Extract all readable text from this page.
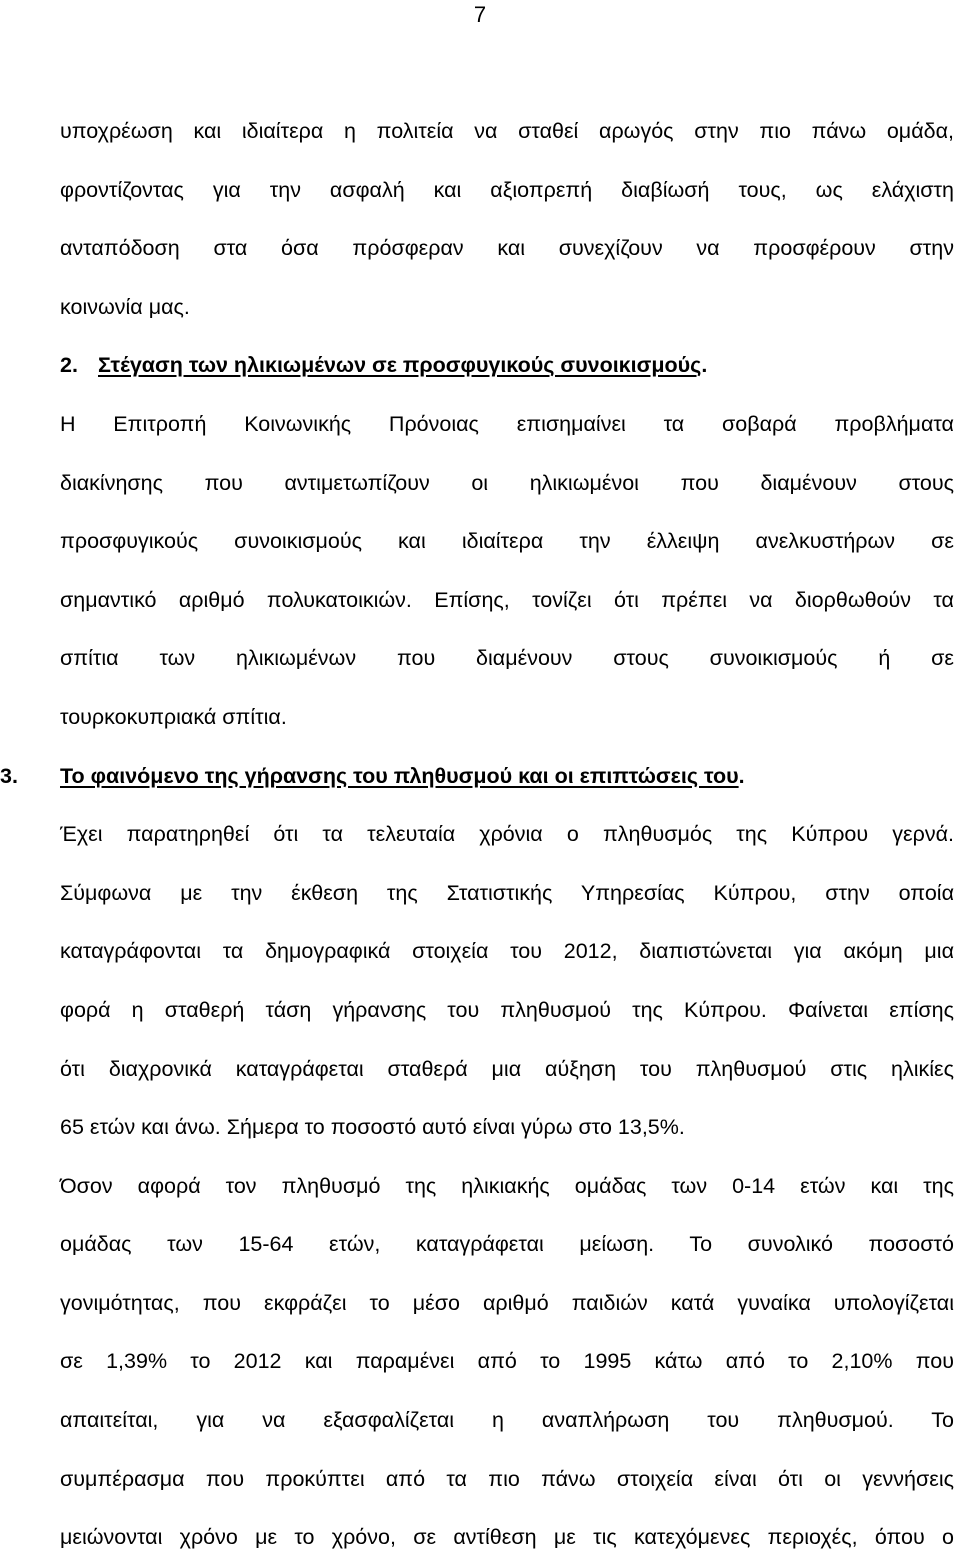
7
υποχρέωση και ιδιαίτερα η πολιτεία να σταθεί αρωγός στην πιο πάνω ομάδα,
φροντίζοντας για την ασφαλή και αξιοπρεπή διαβίωσή τους, ως ελάχιστη
ανταπόδοση στα όσα πρόσφεραν και συνεχίζουν να προσφέρουν στην
κοινωνία μας.
2. Στέγαση των ηλικιωμένων σε προσφυγικούς συνοικισμούς.
Η Επιτροπή Κοινωνικής Πρόνοιας επισημαίνει τα σοβαρά προβλήματα
διακίνησης που αντιμετωπίζουν οι ηλικιωμένοι που διαμένουν στους
προσφυγικούς συνοικισμούς και ιδιαίτερα την έλλειψη ανελκυστήρων σε
σημαντικό αριθμό πολυκατοικιών. Επίσης, τονίζει ότι πρέπει να διορθωθούν τα
σπίτια των ηλικιωμένων που διαμένουν στους συνοικισμούς ή σε
τουρκοκυπριακά σπίτια.
3. Το φαινόμενο της γήρανσης του πληθυσμού και οι επιπτώσεις του.
Έχει παρατηρηθεί ότι τα τελευταία χρόνια ο πληθυσμός της Κύπρου γερνά.
Σύμφωνα με την έκθεση της Στατιστικής Υπηρεσίας Κύπρου, στην οποία
καταγράφονται τα δημογραφικά στοιχεία του 2012, διαπιστώνεται για ακόμη μια
φορά η σταθερή τάση γήρανσης του πληθυσμού της Κύπρου. Φαίνεται επίσης
ότι διαχρονικά καταγράφεται σταθερά μια αύξηση του πληθυσμού στις ηλικίες
65 ετών και άνω. Σήμερα το ποσοστό αυτό είναι γύρω στο 13,5%.
Όσον αφορά τον πληθυσμό της ηλικιακής ομάδας των 0-14 ετών και της
ομάδας των 15-64 ετών, καταγράφεται μείωση. Το συνολικό ποσοστό
γονιμότητας, που εκφράζει το μέσο αριθμό παιδιών κατά γυναίκα υπολογίζεται
σε 1,39% το 2012 και παραμένει από το 1995 κάτω από το 2,10% που
απαιτείται, για να εξασφαλίζεται η αναπλήρωση του πληθυσμού. Το
συμπέρασμα που προκύπτει από τα πιο πάνω στοιχεία είναι ότι οι γεννήσεις
μειώνονται χρόνο με το χρόνο, σε αντίθεση με τις κατεχόμενες περιοχές, όπου ο
